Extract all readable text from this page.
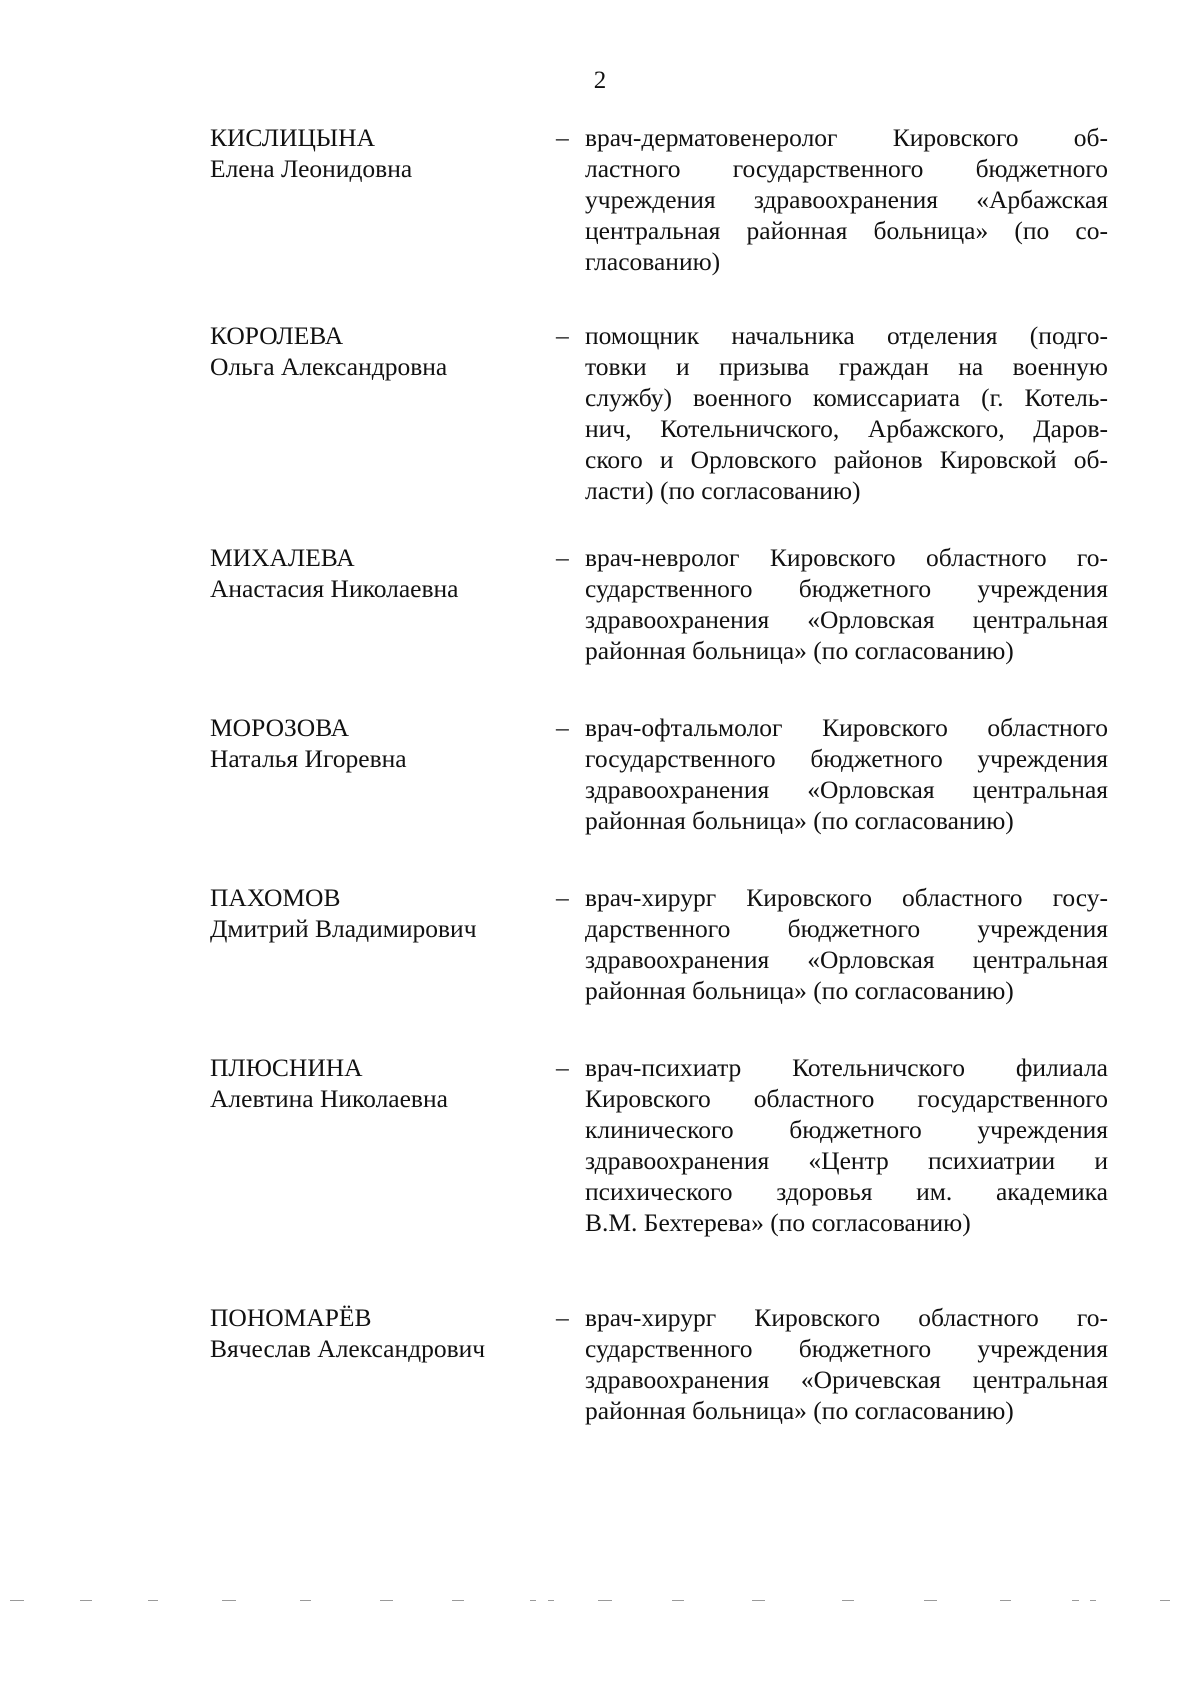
2
КИСЛИЦЫНА
Елена Леонидовна
– врач-дерматовенеролог Кировского об-
ластного государственного бюджетного
учреждения здравоохранения «Арбажская
центральная районная больница» (по со-
гласованию)
КОРОЛЕВА
Ольга Александровна
– помощник начальника отделения (подго-
товки и призыва граждан на военную
службу) военного комиссариата (г. Котель-
нич, Котельничского, Арбажского, Даров-
ского и Орловского районов Кировской об-
ласти) (по согласованию)
МИХАЛЕВА
Анастасия Николаевна
– врач-невролог Кировского областного го-
сударственного бюджетного учреждения
здравоохранения «Орловская центральная
районная больница» (по согласованию)
МОРОЗОВА
Наталья Игоревна
– врач-офтальмолог Кировского областного
государственного бюджетного учреждения
здравоохранения «Орловская центральная
районная больница» (по согласованию)
ПАХОМОВ
Дмитрий Владимирович
– врач-хирург Кировского областного госу-
дарственного бюджетного учреждения
здравоохранения «Орловская центральная
районная больница» (по согласованию)
ПЛЮСНИНА
Алевтина Николаевна
– врач-психиатр Котельничского филиала
Кировского областного государственного
клинического бюджетного учреждения
здравоохранения «Центр психиатрии и
психического здоровья им. академика
В.М. Бехтерева» (по согласованию)
ПОНОМАРЁВ
Вячеслав Александрович
– врач-хирург Кировского областного го-
сударственного бюджетного учреждения
здравоохранения «Оричевская центральная
районная больница» (по согласованию)
